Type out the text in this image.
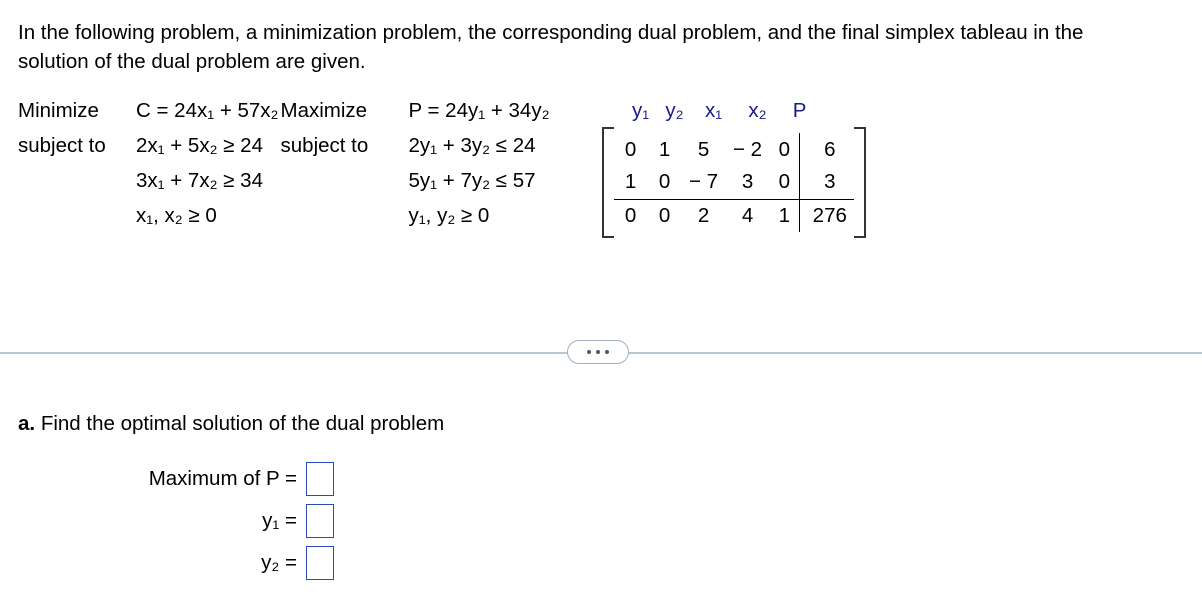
In the following problem, a minimization problem, the corresponding dual problem, and the final simplex tableau in the solution of the dual problem are given.
Minimize	C = 24x₁ + 57x₂
subject to	2x₁ + 5x₂ ≥ 24
3x₁ + 7x₂ ≥ 34
x₁, x₂ ≥ 0
Maximize	P = 24y₁ + 34y₂
subject to	2y₁ + 3y₂ ≤ 24
5y₁ + 7y₂ ≤ 57
y₁, y₂ ≥ 0
y₁ y₂	x₁	x₂	P
0	1	5	− 2	0	6
1	0	− 7	3	0	3
0	0	2	4	1	276
a. Find the optimal solution of the dual problem
Maximum of P =
y₁ =
y₂ =
